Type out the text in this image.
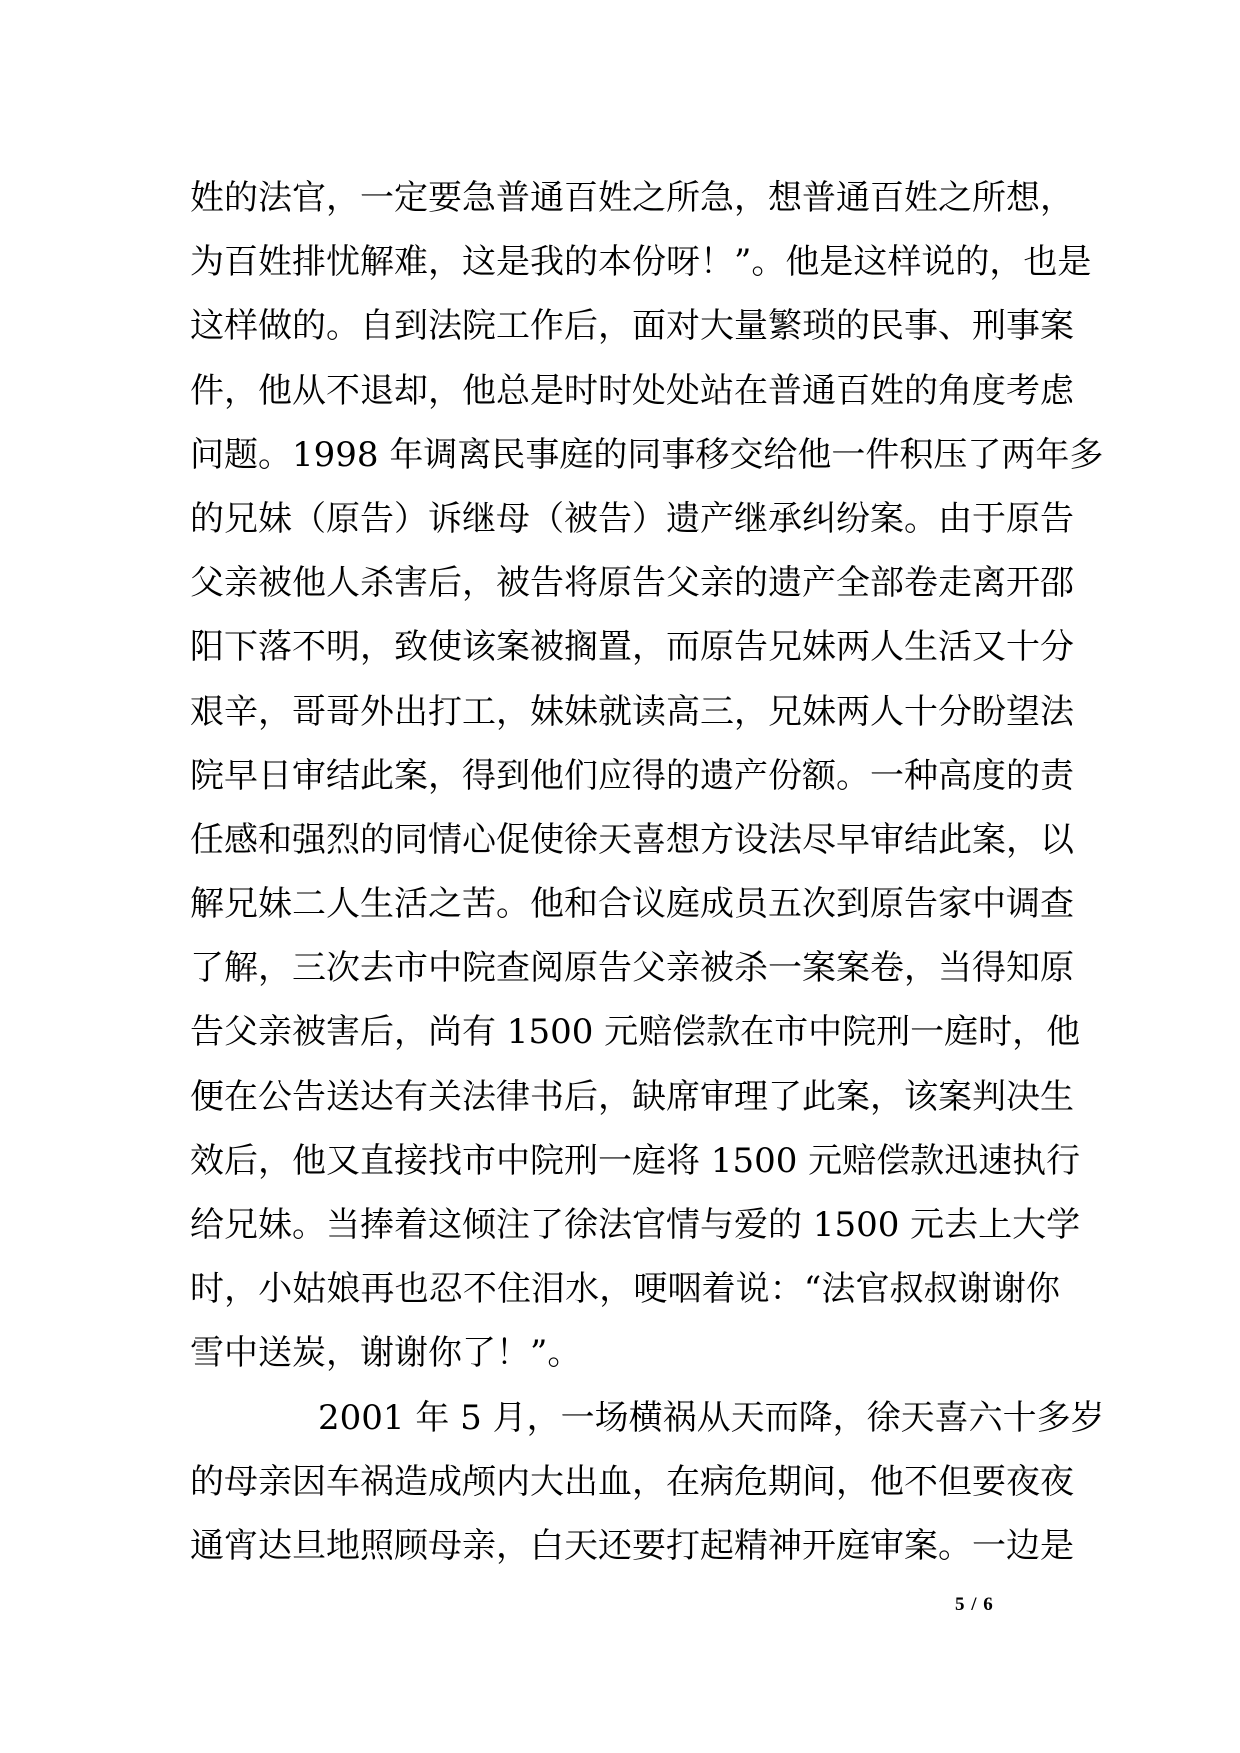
姓的法官，一定要急普通百姓之所急，想普通百姓之所想，
为百姓排忧解难，这是我的本份呀！”。他是这样说的，也是
这样做的。自到法院工作后，面对大量繁琐的民事、刑事案
件，他从不退却，他总是时时处处站在普通百姓的角度考虑
问题。1998 年调离民事庭的同事移交给他一件积压了两年多
的兄妹（原告）诉继母（被告）遗产继承纠纷案。由于原告
父亲被他人杀害后，被告将原告父亲的遗产全部卷走离开邵
阳下落不明，致使该案被搁置，而原告兄妹两人生活又十分
艰辛，哥哥外出打工，妹妹就读高三，兄妹两人十分盼望法
院早日审结此案，得到他们应得的遗产份额。一种高度的责
任感和强烈的同情心促使徐天喜想方设法尽早审结此案，以
解兄妹二人生活之苦。他和合议庭成员五次到原告家中调查
了解，三次去市中院查阅原告父亲被杀一案案卷，当得知原
告父亲被害后，尚有 1500 元赔偿款在市中院刑一庭时，他
便在公告送达有关法律书后，缺席审理了此案，该案判决生
效后，他又直接找市中院刑一庭将 1500 元赔偿款迅速执行
给兄妹。当捧着这倾注了徐法官情与爱的 1500 元去上大学
时，小姑娘再也忍不住泪水，哽咽着说：“法官叔叔谢谢你
雪中送炭，谢谢你了！”。
2001 年 5 月，一场横祸从天而降，徐天喜六十多岁
的母亲因车祸造成颅内大出血，在病危期间，他不但要夜夜
通宵达旦地照顾母亲，白天还要打起精神开庭审案。一边是
5 / 6
